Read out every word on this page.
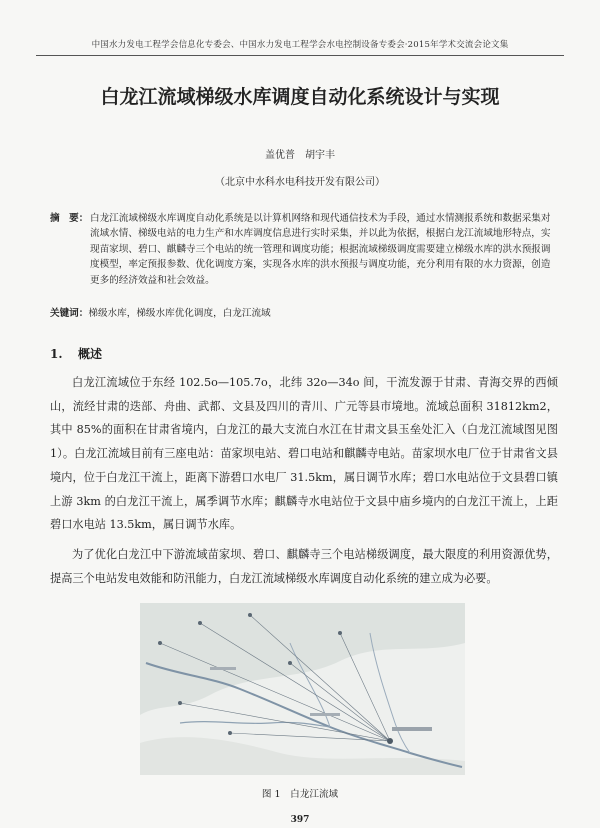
中国水力发电工程学会信息化专委会、中国水力发电工程学会水电控制设备专委会·2015年学术交流会论文集
白龙江流域梯级水库调度自动化系统设计与实现
盖优普　胡宇丰
（北京中水科水电科技开发有限公司）
摘　要： 白龙江流域梯级水库调度自动化系统是以计算机网络和现代通信技术为手段，通过水情测报系统和数据采集对流域水情、梯级电站的电力生产和水库调度信息进行实时采集，并以此为依据，根据白龙江流域地形特点，实现苗家坝、碧口、麒麟寺三个电站的统一管理和调度功能；根据流域梯级调度需要建立梯级水库的洪水预报调度模型，率定预报参数、优化调度方案，实现各水库的洪水预报与调度功能，充分利用有限的水力资源，创造更多的经济效益和社会效益。
关键词：梯级水库，梯级水库优化调度，白龙江流域
1. 概述
白龙江流域位于东经 102.5o—105.7o，北纬 32o—34o 间，干流发源于甘肃、青海交界的西倾山，流经甘肃的迭部、舟曲、武都、文县及四川的青川、广元等县市境地。流域总面积 31812km2，其中 85%的面积在甘肃省境内，白龙江的最大支流白水江在甘肃文县玉垒处汇入（白龙江流域图见图 1）。白龙江流域目前有三座电站：苗家坝电站、碧口电站和麒麟寺电站。苗家坝水电厂位于甘肃省文县境内，位于白龙江干流上，距离下游碧口水电厂 31.5km，属日调节水库；碧口水电站位于文县碧口镇上游 3km 的白龙江干流上，属季调节水库；麒麟寺水电站位于文县中庙乡境内的白龙江干流上，上距碧口水电站 13.5km，属日调节水库。
为了优化白龙江中下游流域苗家坝、碧口、麒麟寺三个电站梯级调度，最大限度的利用资源优势，提高三个电站发电效能和防汛能力，白龙江流域梯级水库调度自动化系统的建立成为必要。
图 1　白龙江流域
397
